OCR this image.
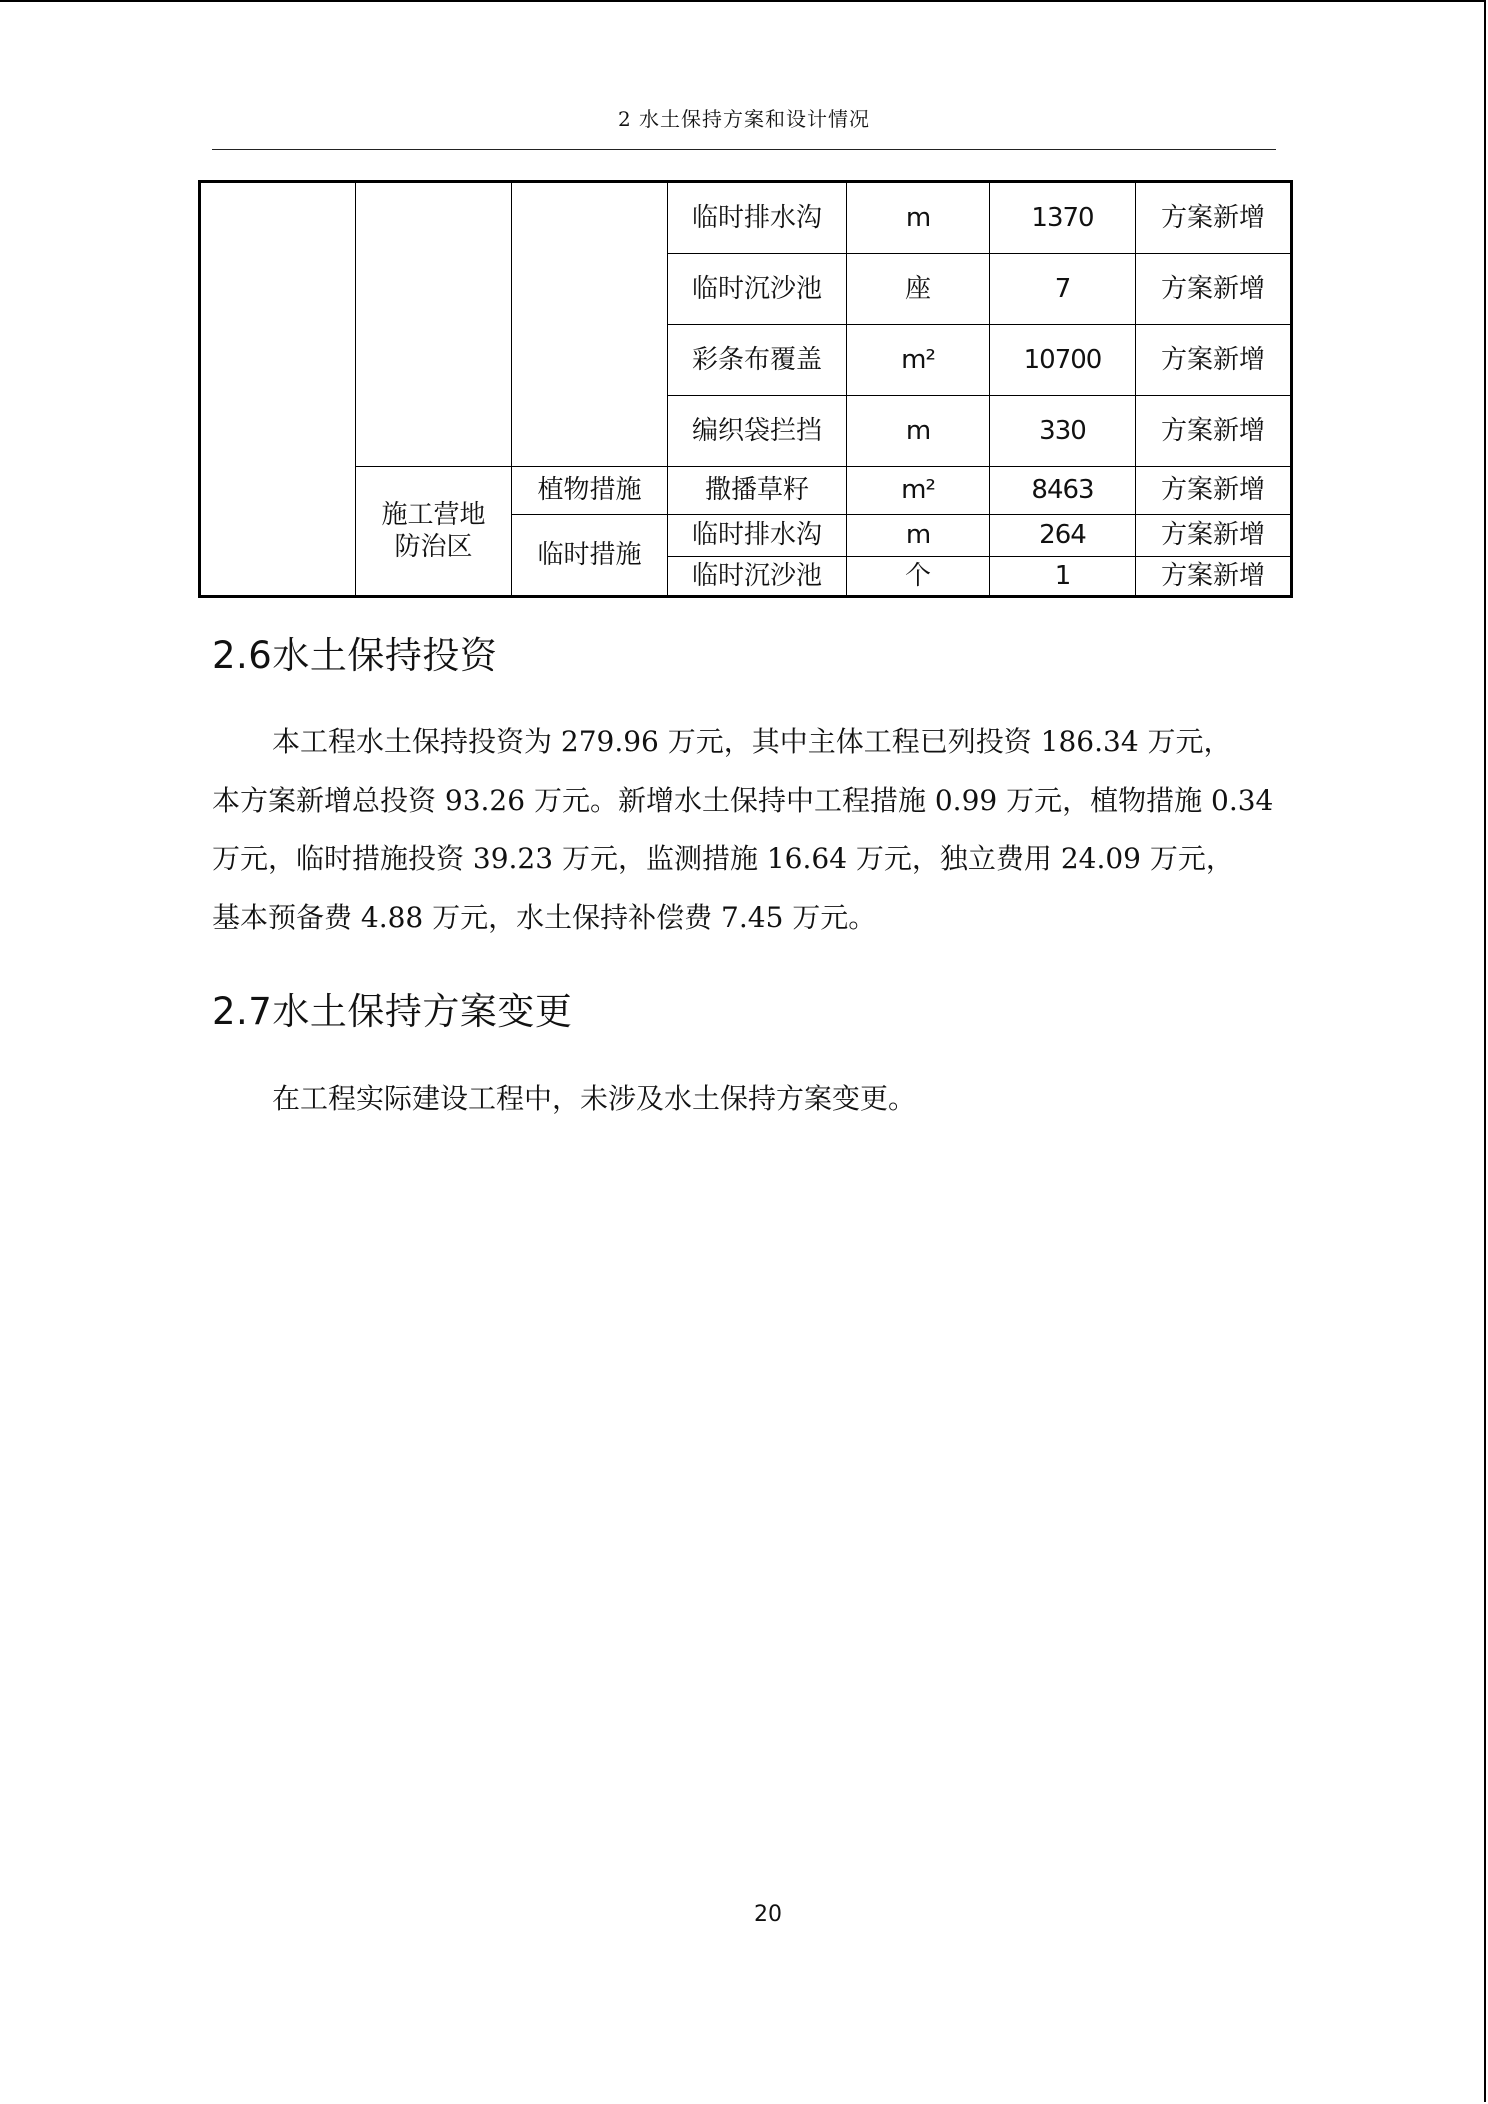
2 水土保持方案和设计情况
			临时排水沟	m	1370	方案新增
			临时沉沙池	座	7	方案新增
			彩条布覆盖	m²	10700	方案新增
			编织袋拦挡	m	330	方案新增
	施工营地防治区	植物措施	撒播草籽	m²	8463	方案新增
		临时措施	临时排水沟	m	264	方案新增
			临时沉沙池	个	1	方案新增
2.6水土保持投资
本工程水土保持投资为 279.96 万元，其中主体工程已列投资 186.34 万元，
本方案新增总投资 93.26 万元。新增水土保持中工程措施 0.99 万元，植物措施 0.34
万元，临时措施投资 39.23 万元，监测措施 16.64 万元，独立费用 24.09 万元，
基本预备费 4.88 万元，水土保持补偿费 7.45 万元。
2.7水土保持方案变更
在工程实际建设工程中，未涉及水土保持方案变更。
20
